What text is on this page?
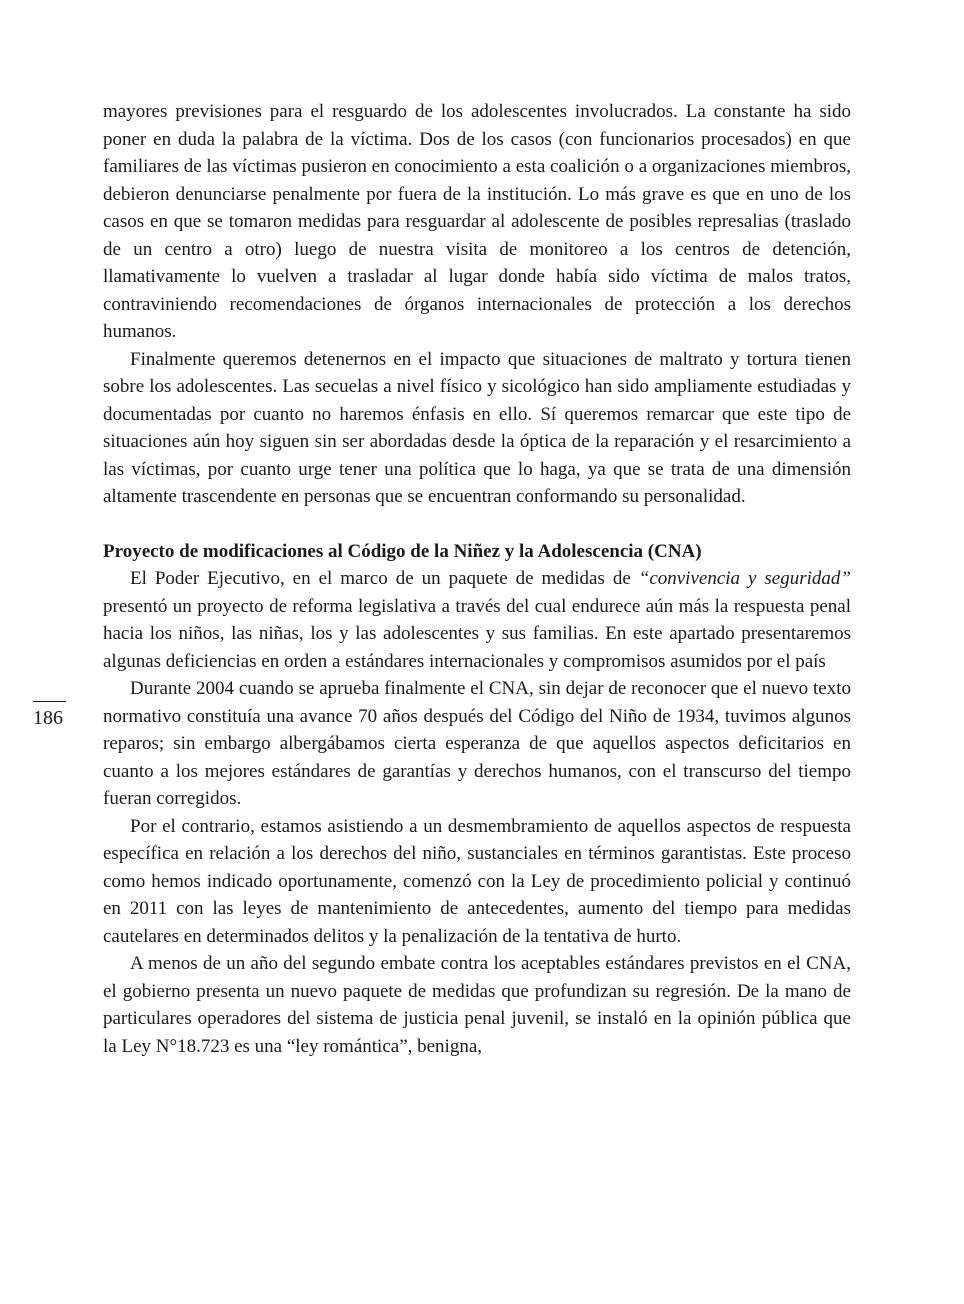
mayores previsiones para el resguardo de los adolescentes involucrados. La constante ha sido poner en duda la palabra de la víctima. Dos de los casos (con funcionarios procesados) en que familiares de las víctimas pusieron en conocimiento a esta coalición o a organizaciones miembros, debieron denunciarse penalmente por fuera de la institución. Lo más grave es que en uno de los casos en que se tomaron medidas para resguardar al adolescente de posibles represalias (traslado de un centro a otro) luego de nuestra visita de monitoreo a los centros de detención, llamativamente lo vuelven a trasladar al lugar donde había sido víctima de malos tratos, contraviniendo recomendaciones de órganos internacionales de protección a los derechos humanos.

Finalmente queremos detenernos en el impacto que situaciones de maltrato y tortura tienen sobre los adolescentes. Las secuelas a nivel físico y sicológico han sido ampliamente estudiadas y documentadas por cuanto no haremos énfasis en ello. Sí queremos remarcar que este tipo de situaciones aún hoy siguen sin ser abordadas desde la óptica de la reparación y el resarcimiento a las víctimas, por cuanto urge tener una política que lo haga, ya que se trata de una dimensión altamente trascendente en personas que se encuentran conformando su personalidad.

Proyecto de modificaciones al Código de la Niñez y la Adolescencia (CNA)

El Poder Ejecutivo, en el marco de un paquete de medidas de “convivencia y seguridad” presentó un proyecto de reforma legislativa a través del cual endurece aún más la respuesta penal hacia los niños, las niñas, los y las adolescentes y sus familias. En este apartado presentaremos algunas deficiencias en orden a estándares internacionales y compromisos asumidos por el país

Durante 2004 cuando se aprueba finalmente el CNA, sin dejar de reconocer que el nuevo texto normativo constituía una avance 70 años después del Código del Niño de 1934, tuvimos algunos reparos; sin embargo albergábamos cierta esperanza de que aquellos aspectos deficitarios en cuanto a los mejores estándares de garantías y derechos humanos, con el transcurso del tiempo fueran corregidos.

Por el contrario, estamos asistiendo a un desmembramiento de aquellos aspectos de respuesta específica en relación a los derechos del niño, sustanciales en términos garantistas. Este proceso como hemos indicado oportunamente, comenzó con la Ley de procedimiento policial y continuó en 2011 con las leyes de mantenimiento de antecedentes, aumento del tiempo para medidas cautelares en determinados delitos y la penalización de la tentativa de hurto.

A menos de un año del segundo embate contra los aceptables estándares previstos en el CNA, el gobierno presenta un nuevo paquete de medidas que profundizan su regresión. De la mano de particulares operadores del sistema de justicia penal juvenil, se instaló en la opinión pública que la Ley N°18.723 es una “ley romántica”, benigna,

186
